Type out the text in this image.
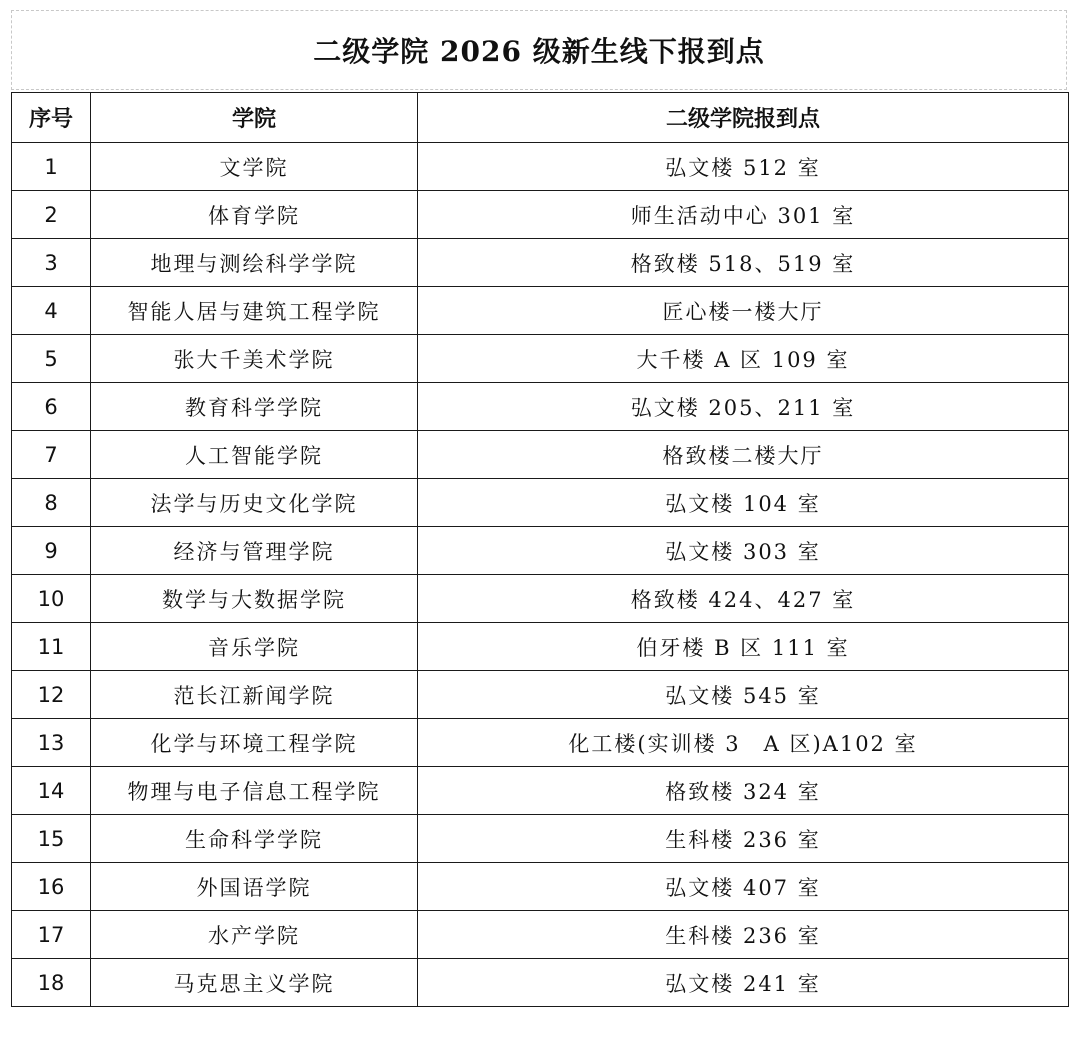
二级学院 2026 级新生线下报到点
序号	学院	二级学院报到点
1	文学院	弘文楼 512 室
2	体育学院	师生活动中心 301 室
3	地理与测绘科学学院	格致楼 518、519 室
4	智能人居与建筑工程学院	匠心楼一楼大厅
5	张大千美术学院	大千楼 A 区 109 室
6	教育科学学院	弘文楼 205、211 室
7	人工智能学院	格致楼二楼大厅
8	法学与历史文化学院	弘文楼 104 室
9	经济与管理学院	弘文楼 303 室
10	数学与大数据学院	格致楼 424、427 室
11	音乐学院	伯牙楼 B 区 111 室
12	范长江新闻学院	弘文楼 545 室
13	化学与环境工程学院	化工楼(实训楼 3　A 区)A102 室
14	物理与电子信息工程学院	格致楼 324 室
15	生命科学学院	生科楼 236 室
16	外国语学院	弘文楼 407 室
17	水产学院	生科楼 236 室
18	马克思主义学院	弘文楼 241 室
